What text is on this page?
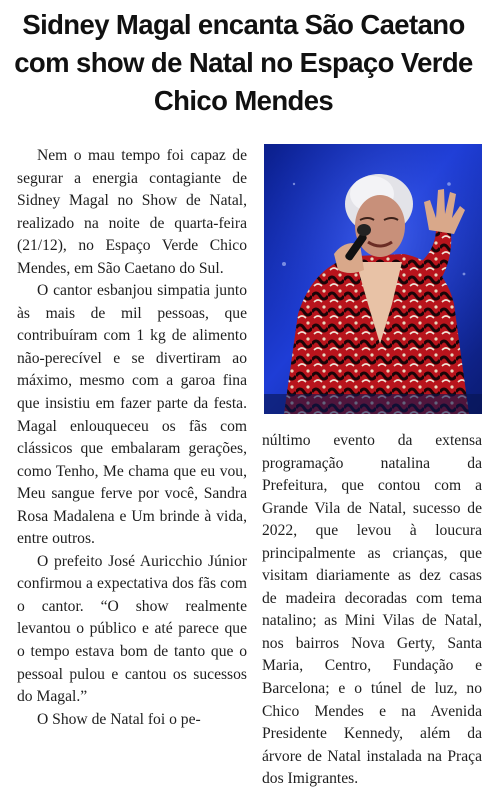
Sidney Magal encanta São Caetano com show de Natal no Espaço Verde Chico Mendes

Nem o mau tempo foi capaz de segurar a energia contagiante de Sidney Magal no Show de Natal, realizado na noite de quarta-feira (21/12), no Espaço Verde Chico Mendes, em São Caetano do Sul.

O cantor esbanjou simpatia junto às mais de mil pessoas, que contribuíram com 1 kg de alimento não-perecível e se divertiram ao máximo, mesmo com a garoa fina que insistiu em fazer parte da festa. Magal enlouqueceu os fãs com clássicos que embalaram gerações, como Tenho, Me chama que eu vou, Meu sangue ferve por você, Sandra Rosa Madalena e Um brinde à vida, entre outros.

O prefeito José Auricchio Júnior confirmou a expectativa dos fãs com o cantor. “O show realmente levantou o público e até parece que o tempo estava bom de tanto que o pessoal pulou e cantou os sucessos do Magal.”

O Show de Natal foi o pe-

núltimo evento da extensa programação natalina da Prefeitura, que contou com a Grande Vila de Natal, sucesso de 2022, que levou à loucura principalmente as crianças, que visitam diariamente as dez casas de madeira decoradas com tema natalino; as Mini Vilas de Natal, nos bairros Nova Gerty, Santa Maria, Centro, Fundação e Barcelona; e o túnel de luz, no Chico Mendes e na Avenida Presidente Kennedy, além da árvore de Natal instalada na Praça dos Imigrantes.
